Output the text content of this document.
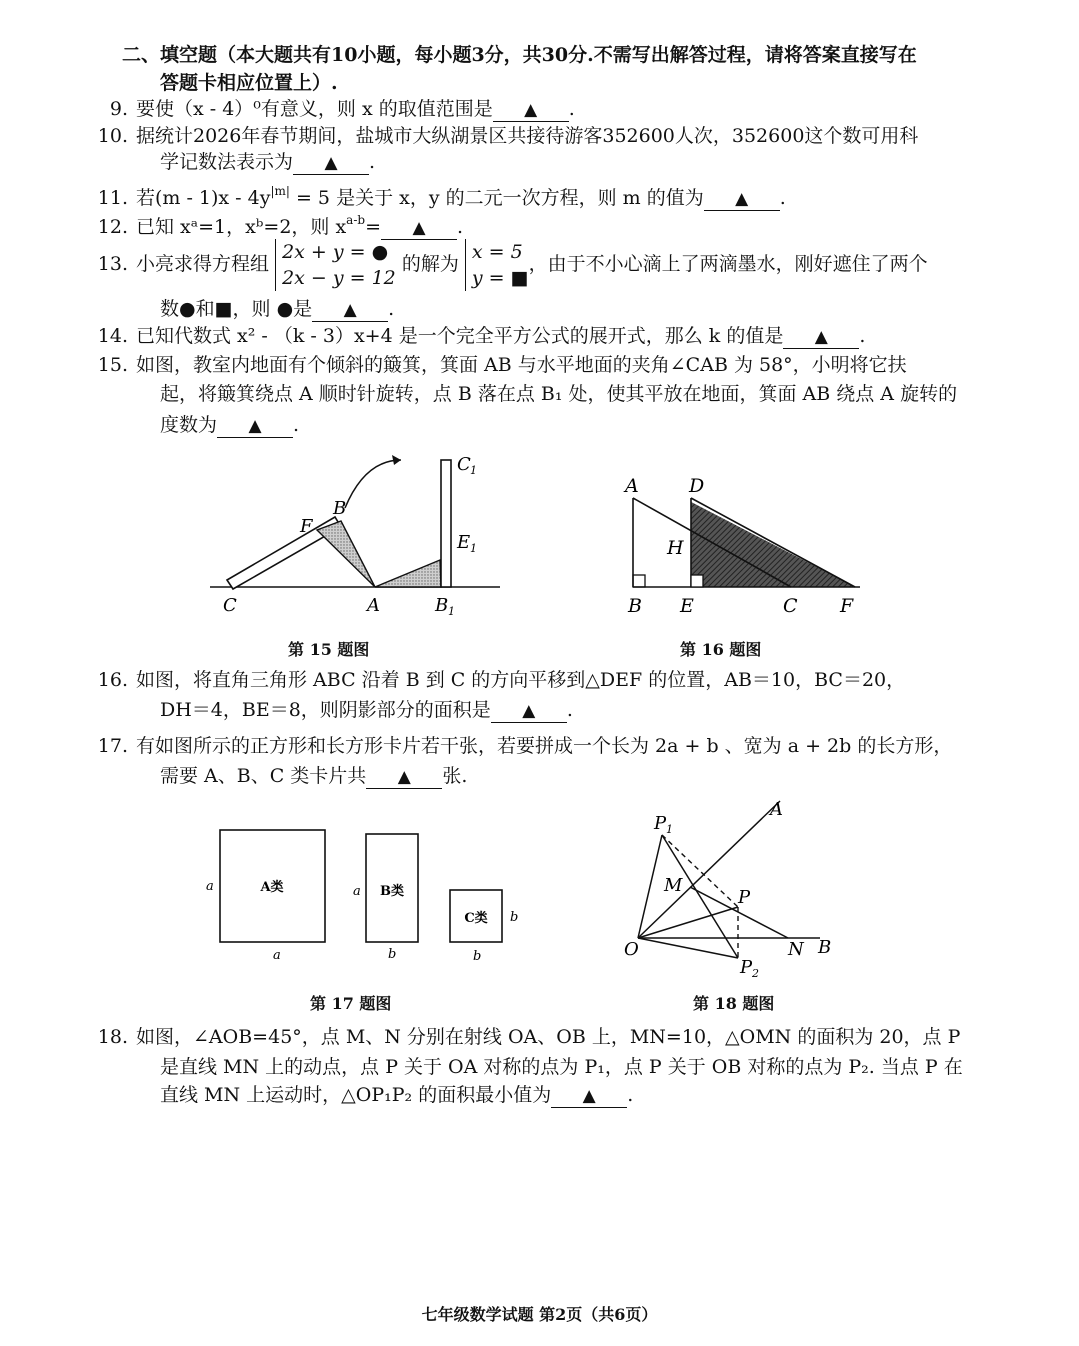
二、填空题（本大题共有10小题，每小题3分，共30分.不需写出解答过程，请将答案直接写在
答题卡相应位置上）.
9. 要使（x - 4）⁰有意义，则 x 的取值范围是 ▲ .
10. 据统计2026年春节期间，盐城市大纵湖景区共接待游客352600人次，352600这个数可用科
学记数法表示为 ▲ .
11. 若$(m - 1)x - 4y^{|m|} = 5$ 是关于 x，y 的二元一次方程，则 m 的值为 ▲ .
12. 已知 xᵃ=1，xᵇ=2，则 $x^{a-b}=$ ▲ .
13. 小亮求得方程组
2x + y = ●
2x − y = 12
的解为
x = 5
y = ■
，由于不小心滴上了两滴墨水，刚好遮住了两个
数●和■，则 ●是 ▲ .
14. 已知代数式 x² - （k - 3）x+4 是一个完全平方公式的展开式，那么 k 的值是 ▲ .
15. 如图，教室内地面有个倾斜的簸箕，箕面 AB 与水平地面的夹角∠CAB 为 58°，小明将它扶
起，将簸箕绕点 A 顺时针旋转，点 B 落在点 B₁ 处，使其平放在地面，箕面 AB 绕点 A 旋转的
度数为 ▲ .
C	A	B 1
F
B
C 1
E 1
第 15 题图
A	D
H
B E	C F
第 16 题图
16. 如图，将直角三角形 ABC 沿着 B 到 C 的方向平移到△DEF 的位置，AB＝10，BC＝20，
DH＝4，BE＝8，则阴影部分的面积是 ▲ .
17. 有如图所示的正方形和长方形卡片若干张，若要拼成一个长为 2a + b 、宽为 a + 2b 的长方形，
需要 A、B、C 类卡片共 ▲ 张.
A类	B类
C类
a
a
a
b
b
b
第 17 题图
P 1
A
M
P
O	N B
P 2
第 18 题图
18. 如图，∠AOB=45°，点 M、N 分别在射线 OA、OB 上，MN=10，△OMN 的面积为 20，点 P
是直线 MN 上的动点，点 P 关于 OA 对称的点为 P₁，点 P 关于 OB 对称的点为 P₂. 当点 P 在
直线 MN 上运动时，△OP₁P₂ 的面积最小值为 ▲ .
七年级数学试题 第2页（共6页）
